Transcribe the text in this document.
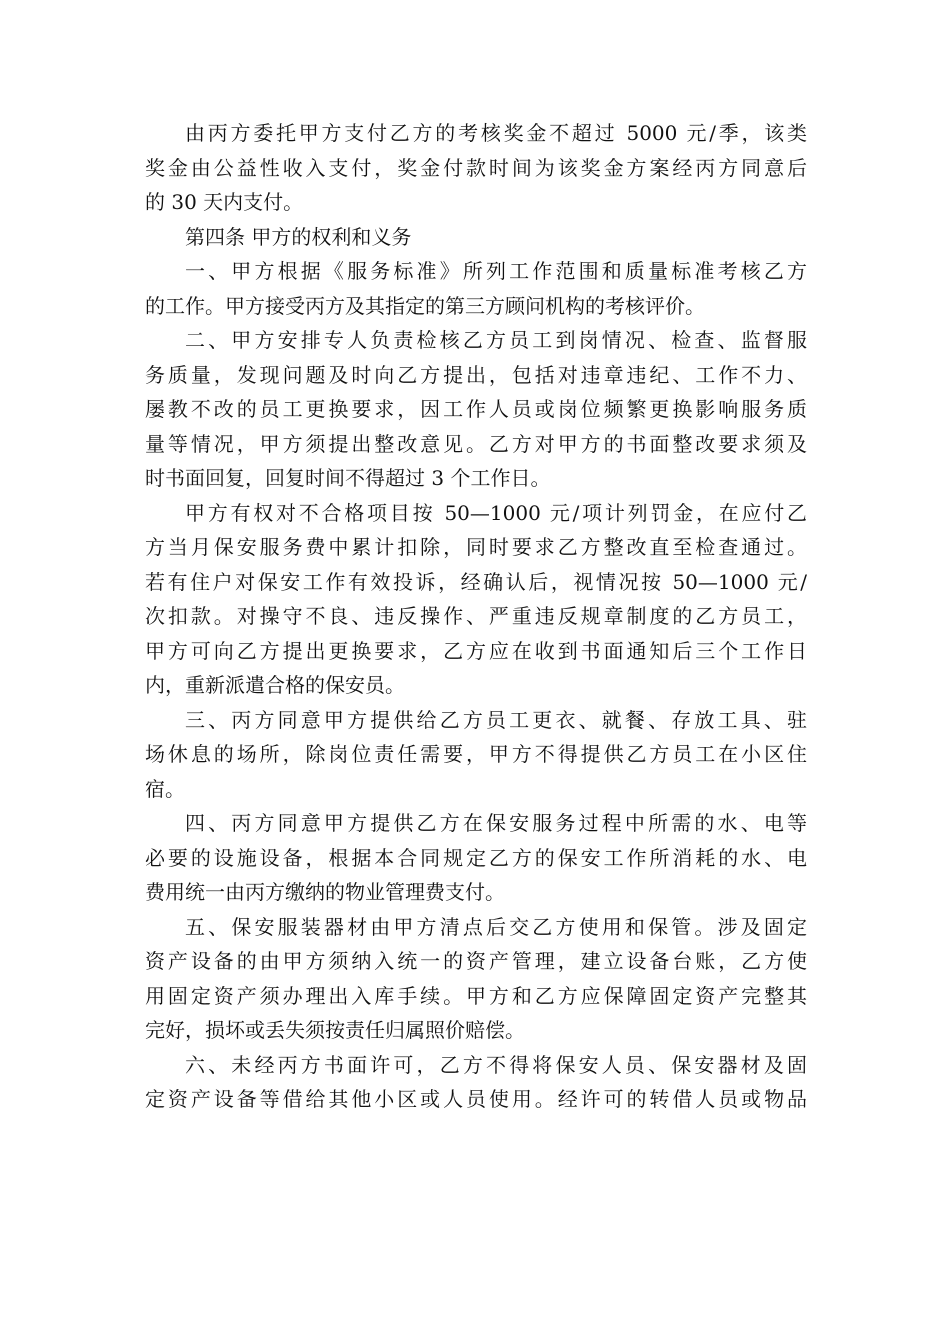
由丙方委托甲方支付乙方的考核奖金不超过 5000 元/季，该类
奖金由公益性收入支付，奖金付款时间为该奖金方案经丙方同意后
的 30 天内支付。
第四条 甲方的权利和义务
一、甲方根据《服务标准》所列工作范围和质量标准考核乙方
的工作。甲方接受丙方及其指定的第三方顾问机构的考核评价。
二、甲方安排专人负责检核乙方员工到岗情况、检查、监督服
务质量，发现问题及时向乙方提出，包括对违章违纪、工作不力、
屡教不改的员工更换要求，因工作人员或岗位频繁更换影响服务质
量等情况，甲方须提出整改意见。乙方对甲方的书面整改要求须及
时书面回复，回复时间不得超过 3 个工作日。
甲方有权对不合格项目按 50—1000 元/项计列罚金，在应付乙
方当月保安服务费中累计扣除，同时要求乙方整改直至检查通过。
若有住户对保安工作有效投诉，经确认后，视情况按 50—1000 元/
次扣款。对操守不良、违反操作、严重违反规章制度的乙方员工，
甲方可向乙方提出更换要求，乙方应在收到书面通知后三个工作日
内，重新派遣合格的保安员。
三、丙方同意甲方提供给乙方员工更衣、就餐、存放工具、驻
场休息的场所，除岗位责任需要，甲方不得提供乙方员工在小区住
宿。
四、丙方同意甲方提供乙方在保安服务过程中所需的水、电等
必要的设施设备，根据本合同规定乙方的保安工作所消耗的水、电
费用统一由丙方缴纳的物业管理费支付。
五、保安服装器材由甲方清点后交乙方使用和保管。涉及固定
资产设备的由甲方须纳入统一的资产管理，建立设备台账，乙方使
用固定资产须办理出入库手续。甲方和乙方应保障固定资产完整其
完好，损坏或丢失须按责任归属照价赔偿。
六、未经丙方书面许可，乙方不得将保安人员、保安器材及固
定资产设备等借给其他小区或人员使用。经许可的转借人员或物品
